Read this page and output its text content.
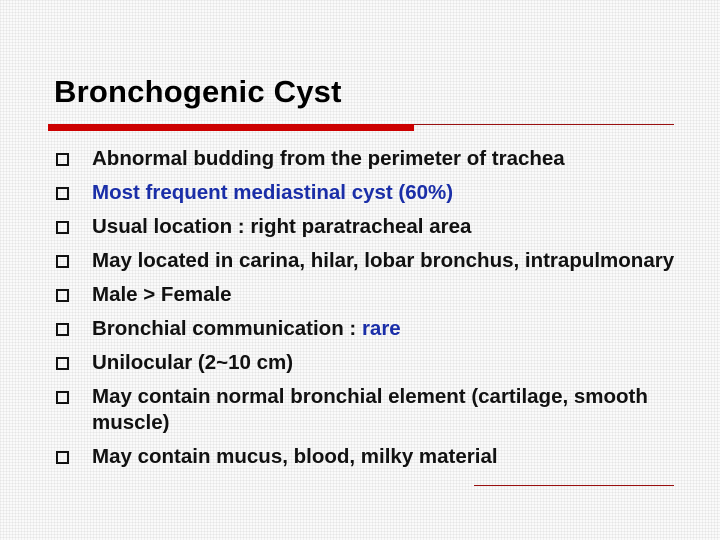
Bronchogenic Cyst
Abnormal budding from the perimeter of trachea
Most frequent mediastinal cyst (60%)
Usual location : right paratracheal area
May located in carina, hilar, lobar bronchus, intrapulmonary
Male > Female
Bronchial communication : rare
Unilocular (2~10 cm)
May contain normal bronchial element (cartilage, smooth muscle)
May contain mucus, blood, milky material
